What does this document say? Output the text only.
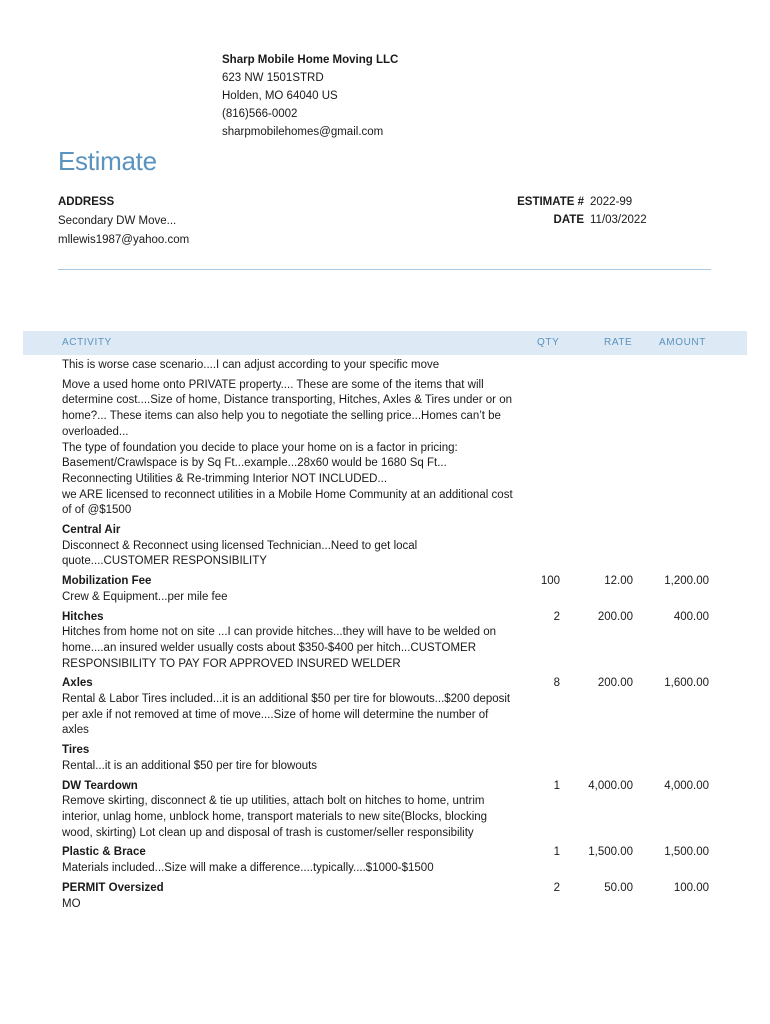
Sharp Mobile Home Moving LLC
623 NW 1501STRD
Holden, MO 64040 US
(816)566-0002
sharpmobilehomes@gmail.com
Estimate
ADDRESS
Secondary DW Move...
mllewis1987@yahoo.com
ESTIMATE # 2022-99
DATE 11/03/2022
ACTIVITY	QTY	RATE	AMOUNT
This is worse case scenario....I can adjust according to your specific move
Move a used home onto PRIVATE property.... These are some of the items that will determine cost....Size of home, Distance transporting, Hitches, Axles & Tires under or on home?... These items can also help you to negotiate the selling price...Homes can’t be overloaded...
The type of foundation you decide to place your home on is a factor in pricing: Basement/Crawlspace is by Sq Ft...example...28x60 would be 1680 Sq Ft...
Reconnecting Utilities & Re-trimming Interior NOT INCLUDED...
we ARE licensed to reconnect utilities in a Mobile Home Community at an additional cost of of @$1500
Central Air
Disconnect & Reconnect using licensed Technician...Need to get local quote....CUSTOMER RESPONSIBILITY
Mobilization Fee
Crew & Equipment...per mile fee
100	12.00	1,200.00
Hitches
Hitches from home not on site ...I can provide hitches...they will have to be welded on home....an insured welder usually costs about $350-$400 per hitch...CUSTOMER RESPONSIBILITY TO PAY FOR APPROVED INSURED WELDER
2	200.00	400.00
Axles
Rental & Labor Tires included...it is an additional $50 per tire for blowouts...$200 deposit per axle if not removed at time of move....Size of home will determine the number of axles
8	200.00	1,600.00
Tires
Rental...it is an additional $50 per tire for blowouts
DW Teardown
Remove skirting, disconnect & tie up utilities, attach bolt on hitches to home, untrim interior, unlag home, unblock home, transport materials to new site(Blocks, blocking wood, skirting) Lot clean up and disposal of trash is customer/seller responsibility
1	4,000.00	4,000.00
Plastic & Brace
Materials included...Size will make a difference....typically....$1000-$1500
1	1,500.00	1,500.00
PERMIT Oversized
MO
2	50.00	100.00
